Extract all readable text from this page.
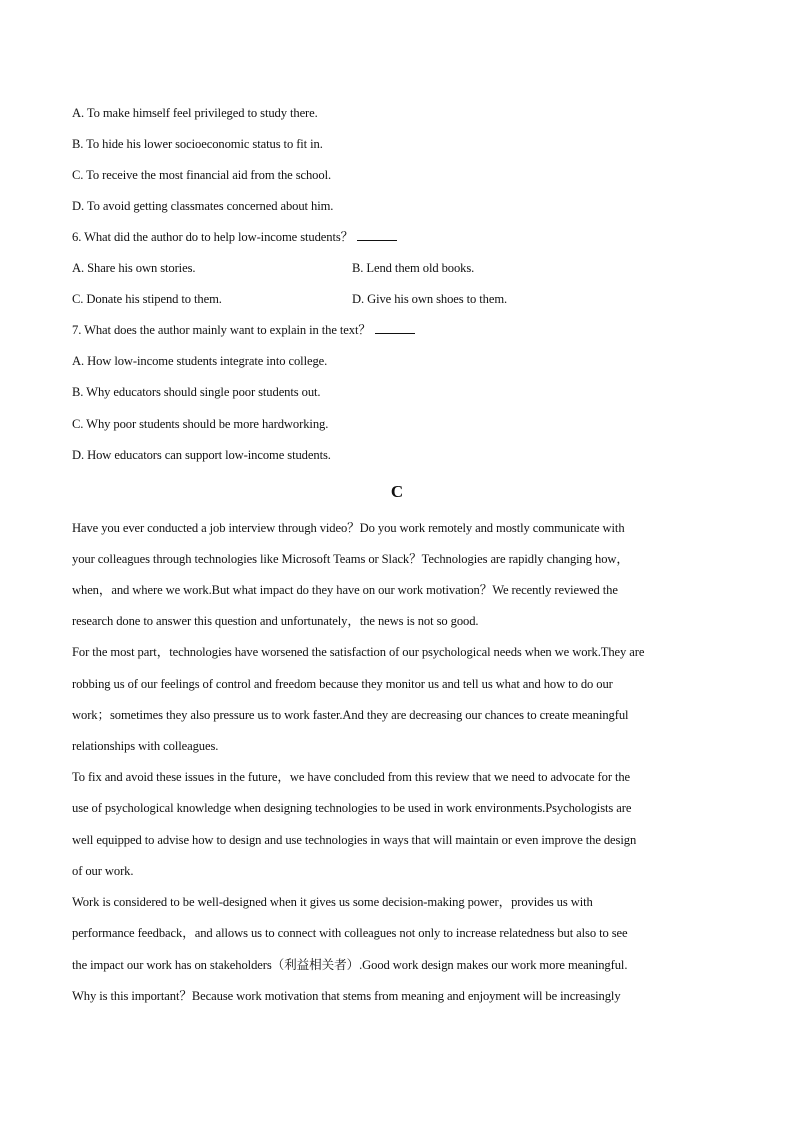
A. To make himself feel privileged to study there.
B. To hide his lower socioeconomic status to fit in.
C. To receive the most financial aid from the school.
D. To avoid getting classmates concerned about him.
6. What did the author do to help low-income students？
A. Share his own stories.	B. Lend them old books.
C. Donate his stipend to them.	D. Give his own shoes to them.
7. What does the author mainly want to explain in the text？
A. How low-income students integrate into college.
B. Why educators should single poor students out.
C. Why poor students should be more hardworking.
D. How educators can support low-income students.
C
Have you ever conducted a job interview through video？Do you work remotely and mostly communicate with
your colleagues through technologies like Microsoft Teams or Slack？Technologies are rapidly changing how，
when，and where we work.But what impact do they have on our work motivation？We recently reviewed the
research done to answer this question and unfortunately，the news is not so good.
For the most part，technologies have worsened the satisfaction of our psychological needs when we work.They are
robbing us of our feelings of control and freedom because they monitor us and tell us what and how to do our
work；sometimes they also pressure us to work faster.And they are decreasing our chances to create meaningful
relationships with colleagues.
To fix and avoid these issues in the future，we have concluded from this review that we need to advocate for the
use of psychological knowledge when designing technologies to be used in work environments.Psychologists are
well equipped to advise how to design and use technologies in ways that will maintain or even improve the design
of our work.
Work is considered to be well-designed when it gives us some decision-making power，provides us with
performance feedback，and allows us to connect with colleagues not only to increase relatedness but also to see
the impact our work has on stakeholders（利益相关者）.Good work design makes our work more meaningful.
Why is this important？Because work motivation that stems from meaning and enjoyment will be increasingly
